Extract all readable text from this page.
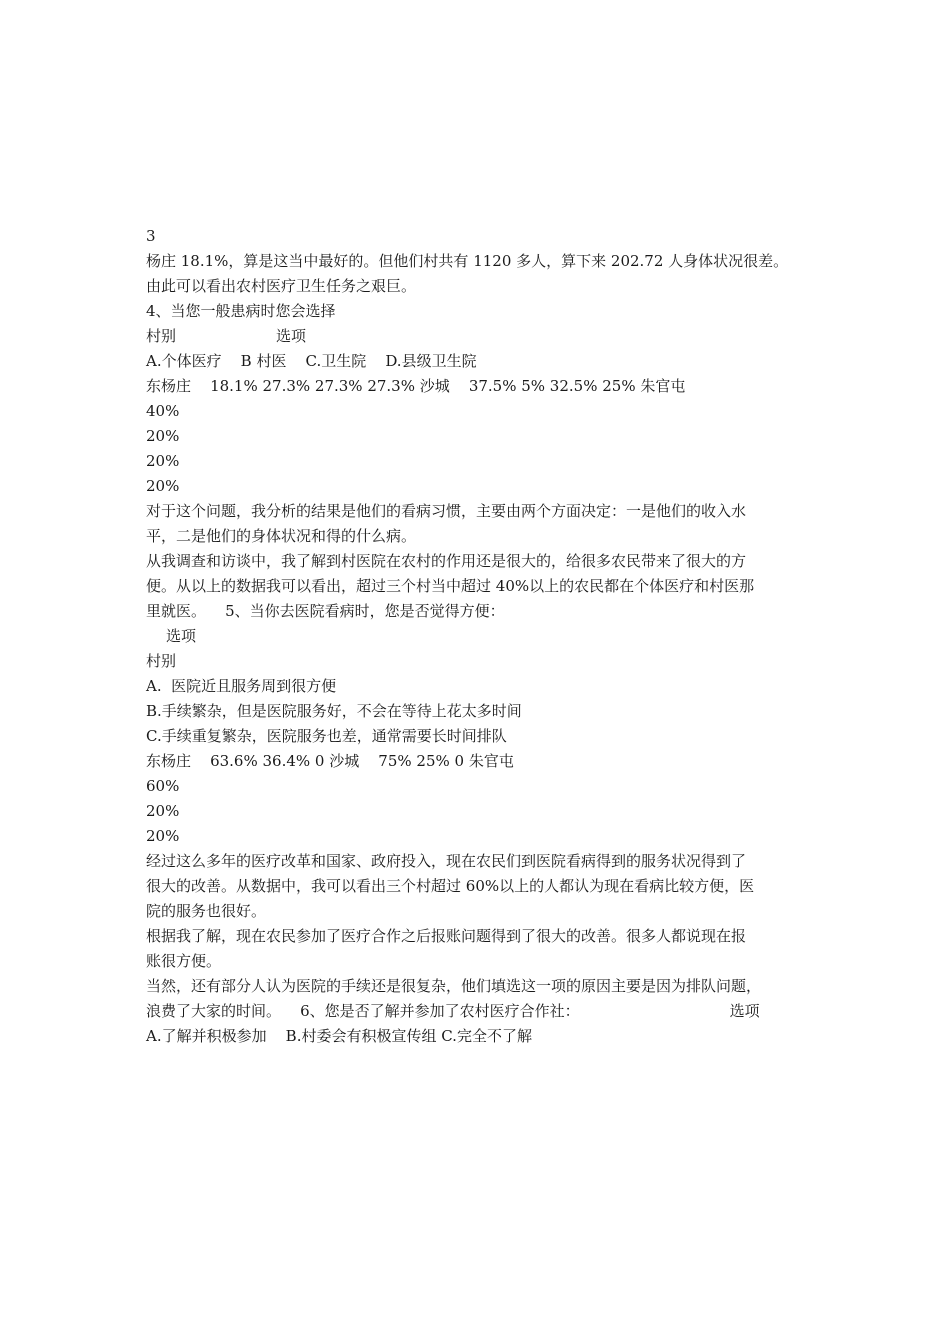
3
杨庄 18.1%，算是这当中最好的。但他们村共有 1120 多人，算下来 202.72 人身体状况很差。
由此可以看出农村医疗卫生任务之艰巨。
4、当您一般患病时您会选择
村别	选项
A.个体医疗    B 村医    C.卫生院    D.县级卫生院
东杨庄    18.1% 27.3% 27.3% 27.3% 沙城    37.5% 5% 32.5% 25% 朱官屯
40%
20%
20%
20%
对于这个问题，我分析的结果是他们的看病习惯，主要由两个方面决定：一是他们的收入水
平，二是他们的身体状况和得的什么病。
从我调查和访谈中，我了解到村医院在农村的作用还是很大的，给很多农民带来了很大的方
便。从以上的数据我可以看出，超过三个村当中超过 40%以上的农民都在个体医疗和村医那
里就医。    5、当你去医院看病时，您是否觉得方便：
选项
村别
A.  医院近且服务周到很方便
B.手续繁杂，但是医院服务好，不会在等待上花太多时间
C.手续重复繁杂，医院服务也差，通常需要长时间排队
东杨庄    63.6% 36.4% 0 沙城    75% 25% 0 朱官屯
60%
20%
20%
经过这么多年的医疗改革和国家、政府投入，现在农民们到医院看病得到的服务状况得到了
很大的改善。从数据中，我可以看出三个村超过 60%以上的人都认为现在看病比较方便，医
院的服务也很好。
根据我了解，现在农民参加了医疗合作之后报账问题得到了很大的改善。很多人都说现在报
账很方便。
当然，还有部分人认为医院的手续还是很复杂，他们填选这一项的原因主要是因为排队问题，
浪费了大家的时间。    6、您是否了解并参加了农村医疗合作社：	选项
A.了解并积极参加    B.村委会有积极宣传组 C.完全不了解
